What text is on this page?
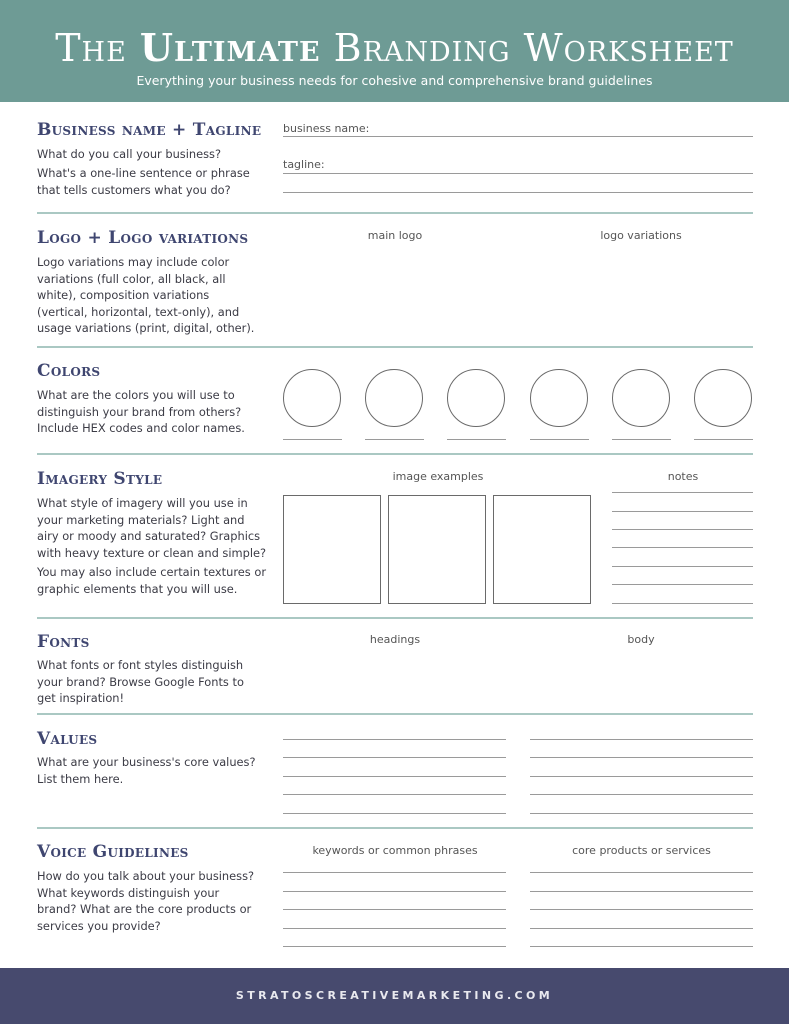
The Ultimate Branding Worksheet
Everything your business needs for cohesive and comprehensive brand guidelines
Business name + Tagline
What do you call your business?
What's a one-line sentence or phrase that tells customers what you do?
business name:
tagline:
Logo + Logo variations
Logo variations may include color variations (full color, all black, all white), composition variations (vertical, horizontal, text-only), and usage variations (print, digital, other).
main logo	logo variations
Colors
What are the colors you will use to distinguish your brand from others? Include HEX codes and color names.
Imagery Style
What style of imagery will you use in your marketing materials? Light and airy or moody and saturated? Graphics with heavy texture or clean and simple?
You may also include certain textures or graphic elements that you will use.
image examples	notes
Fonts
What fonts or font styles distinguish your brand? Browse Google Fonts to get inspiration!
headings	body
Values
What are your business's core values? List them here.
Voice Guidelines
How do you talk about your business? What keywords distinguish your brand? What are the core products or services you provide?
keywords or common phrases	core products or services
STRATOSCREATIVEMARKETING.COM
